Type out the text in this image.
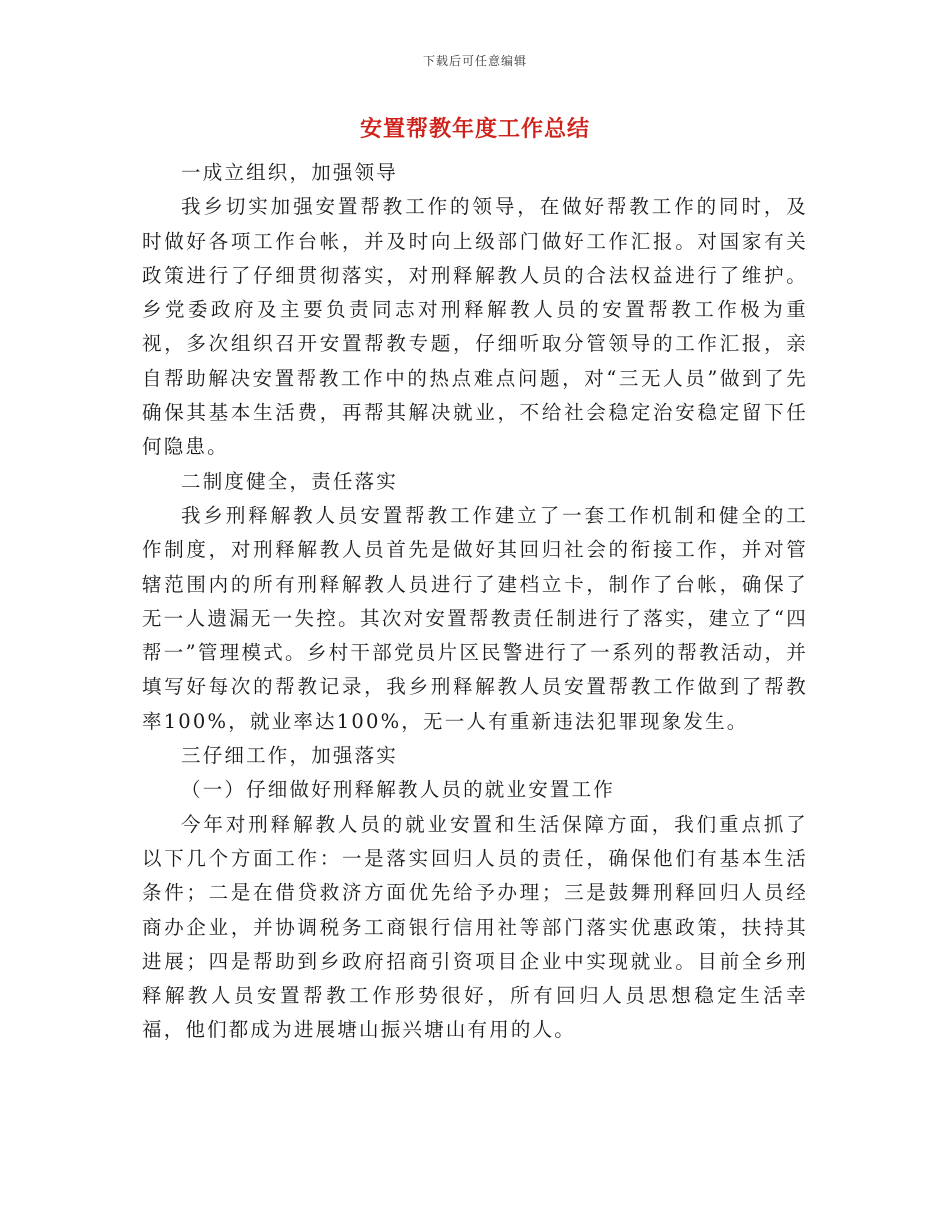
下载后可任意编辑
安置帮教年度工作总结

一成立组织，加强领导

我乡切实加强安置帮教工作的领导，在做好帮教工作的同时，及时做好各项工作台帐，并及时向上级部门做好工作汇报。对国家有关政策进行了仔细贯彻落实，对刑释解教人员的合法权益进行了维护。乡党委政府及主要负责同志对刑释解教人员的安置帮教工作极为重视，多次组织召开安置帮教专题，仔细听取分管领导的工作汇报，亲自帮助解决安置帮教工作中的热点难点问题，对“三无人员”做到了先确保其基本生活费，再帮其解决就业，不给社会稳定治安稳定留下任何隐患。

二制度健全，责任落实

我乡刑释解教人员安置帮教工作建立了一套工作机制和健全的工作制度，对刑释解教人员首先是做好其回归社会的衔接工作，并对管辖范围内的所有刑释解教人员进行了建档立卡，制作了台帐，确保了无一人遗漏无一失控。其次对安置帮教责任制进行了落实，建立了“四帮一”管理模式。乡村干部党员片区民警进行了一系列的帮教活动，并填写好每次的帮教记录，我乡刑释解教人员安置帮教工作做到了帮教率100%，就业率达100%，无一人有重新违法犯罪现象发生。

三仔细工作，加强落实

（一）仔细做好刑释解教人员的就业安置工作

今年对刑释解教人员的就业安置和生活保障方面，我们重点抓了以下几个方面工作：一是落实回归人员的责任，确保他们有基本生活条件；二是在借贷救济方面优先给予办理；三是鼓舞刑释回归人员经商办企业，并协调税务工商银行信用社等部门落实优惠政策，扶持其进展；四是帮助到乡政府招商引资项目企业中实现就业。目前全乡刑释解教人员安置帮教工作形势很好，所有回归人员思想稳定生活幸福，他们都成为进展塘山振兴塘山有用的人。
